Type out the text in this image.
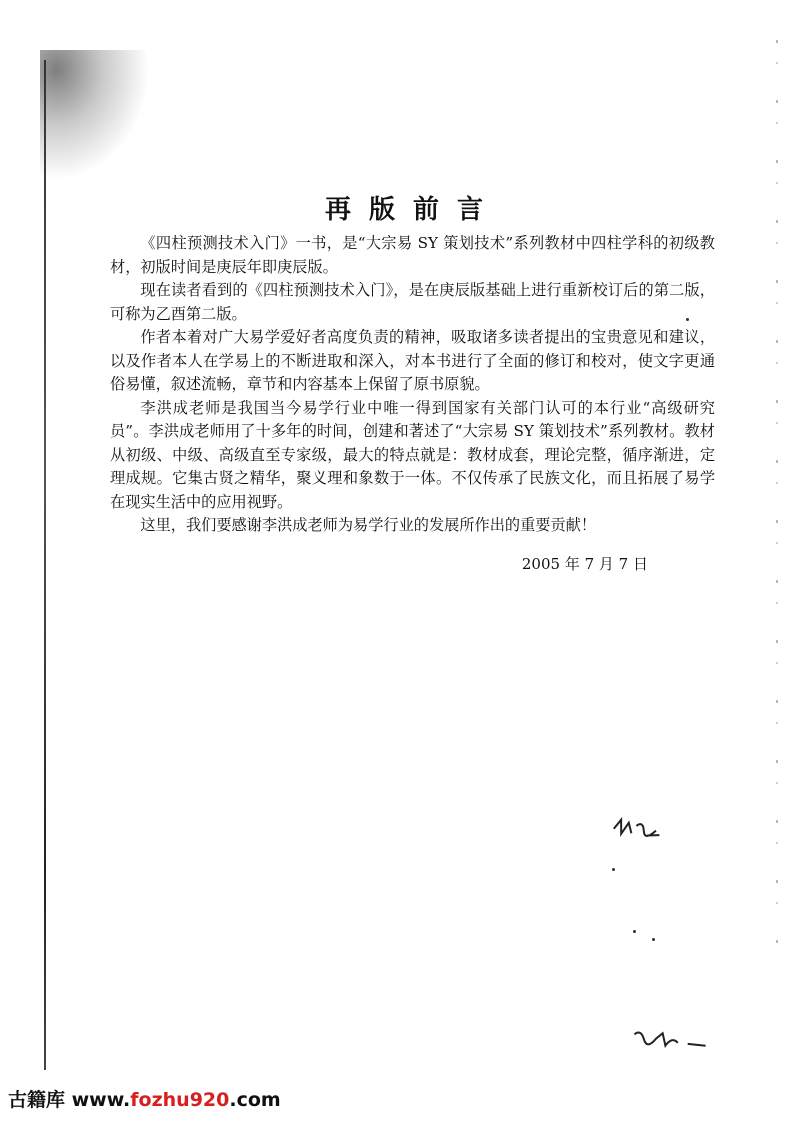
再版前言

《四柱预测技术入门》一书，是“大宗易 SY 策划技术”系列教材中四柱学科的初级教材，初版时间是庚辰年即庚辰版。

现在读者看到的《四柱预测技术入门》，是在庚辰版基础上进行重新校订后的第二版，可称为乙酉第二版。

作者本着对广大易学爱好者高度负责的精神，吸取诸多读者提出的宝贵意见和建议，以及作者本人在学易上的不断进取和深入，对本书进行了全面的修订和校对，使文字更通俗易懂，叙述流畅，章节和内容基本上保留了原书原貌。

李洪成老师是我国当今易学行业中唯一得到国家有关部门认可的本行业“高级研究员”。李洪成老师用了十多年的时间，创建和著述了“大宗易 SY 策划技术”系列教材。教材从初级、中级、高级直至专家级，最大的特点就是：教材成套，理论完整，循序渐进，定理成规。它集古贤之精华，聚义理和象数于一体。不仅传承了民族文化，而且拓展了易学在现实生活中的应用视野。

这里，我们要感谢李洪成老师为易学行业的发展所作出的重要贡献！

2005 年 7 月 7 日
古籍库 www.fozhu920.com
